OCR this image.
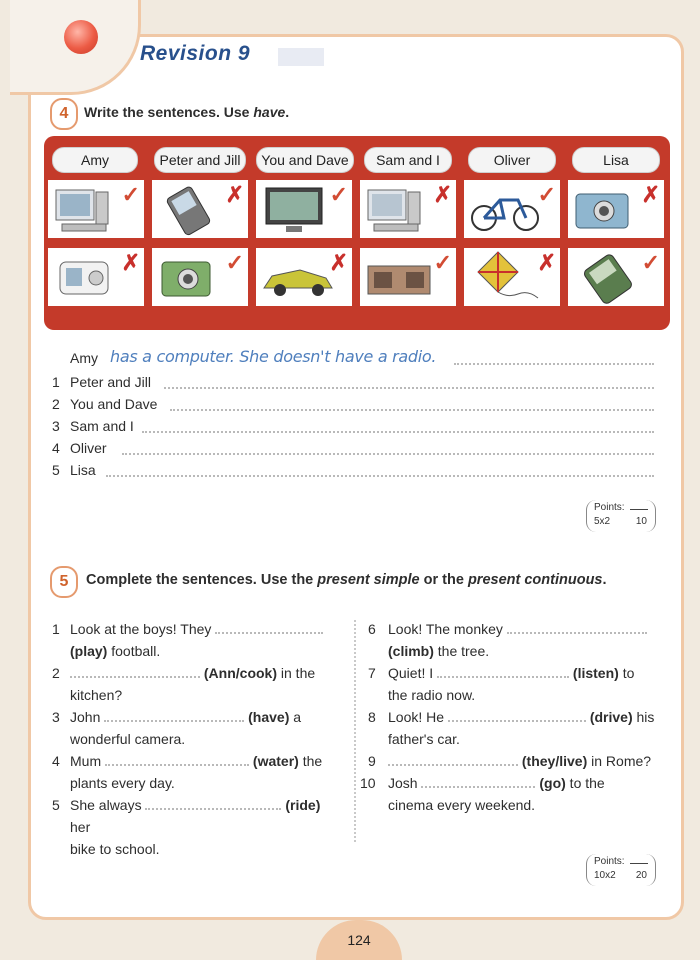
Revision 9
4	Write the sentences. Use have.
Amy
✓
✗
Peter and Jill
✗
✓
You and Dave
✓
✗
Sam and I
✗
✓
Oliver
✓
✗
Lisa
✗
✓
Amy has a computer. She doesn't have a radio.
1 Peter and Jill
2 You and Dave
3 Sam and I
4 Oliver
5 Lisa
Points:
5x2	10
5	Complete the sentences. Use the present simple or the present continuous.
1 Look at the boys! They
(play) football.
2	(Ann/cook) in the
kitchen?
3 John	(have) a
wonderful camera.
4 Mum	(water) the
plants every day.
5 She always	(ride) her
bike to school.
6 Look! The monkey
(climb) the tree.
7 Quiet! I	(listen) to
the radio now.
8 Look! He	(drive) his
father's car.
9	(they/live) in Rome?
10 Josh	(go) to the
cinema every weekend.
Points:
10x2 20
124
